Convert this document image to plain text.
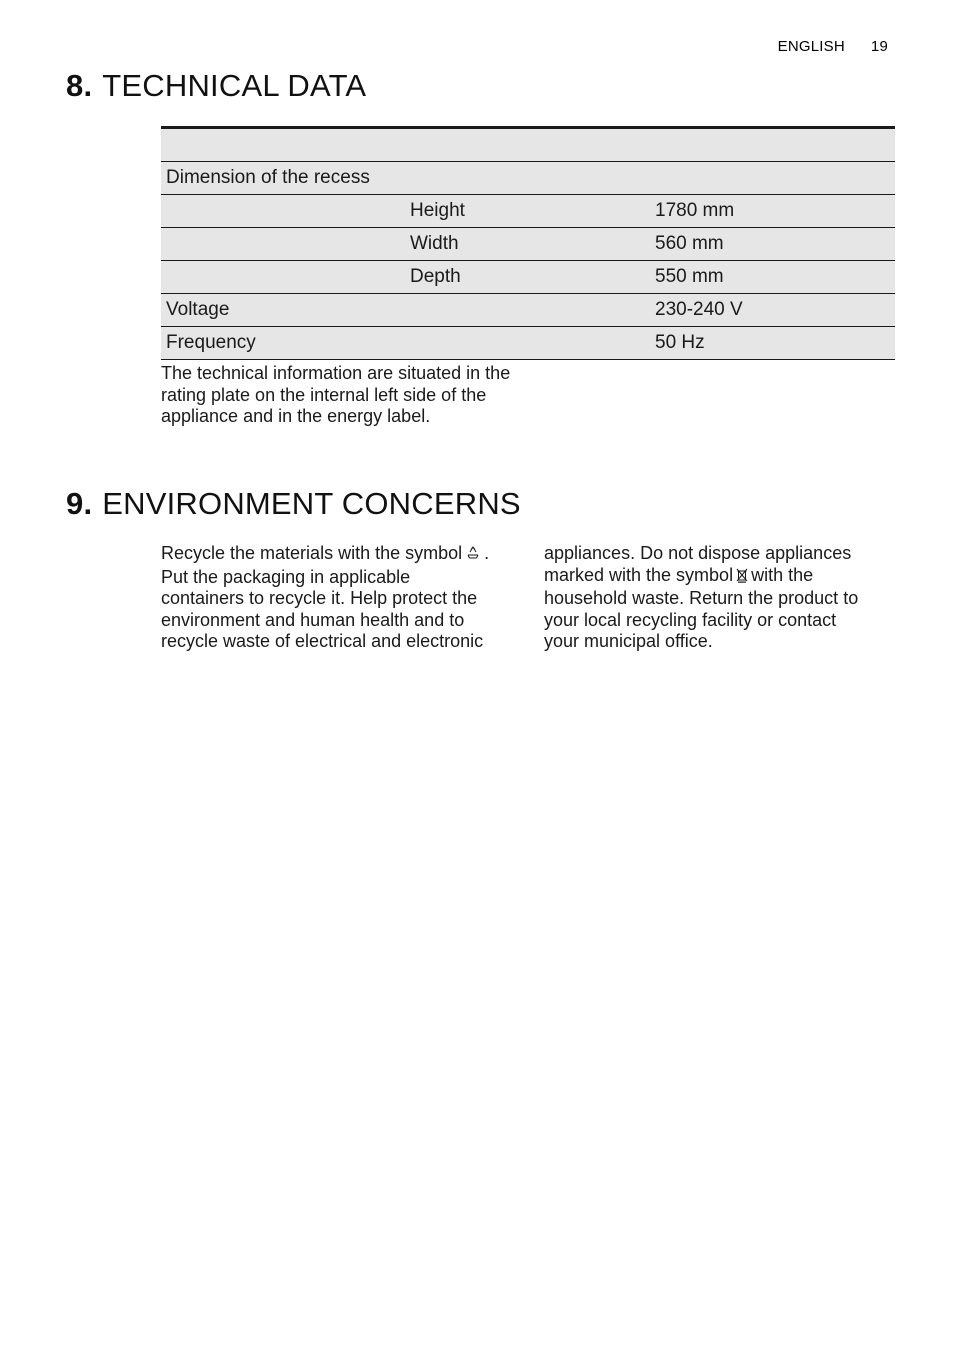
ENGLISH 19
8. TECHNICAL DATA

Dimension of the recess		
	Height	1780 mm
	Width	560 mm
	Depth	550 mm
Voltage		230-240 V
Frequency		50 Hz

The technical information are situated in the rating plate on the internal left side of the appliance and in the energy label.

9. ENVIRONMENT CONCERNS

Recycle the materials with the symbol . Put the packaging in applicable containers to recycle it. Help protect the environment and human health and to recycle waste of electrical and electronic

appliances. Do not dispose appliances marked with the symbol with the household waste. Return the product to your local recycling facility or contact your municipal office.
